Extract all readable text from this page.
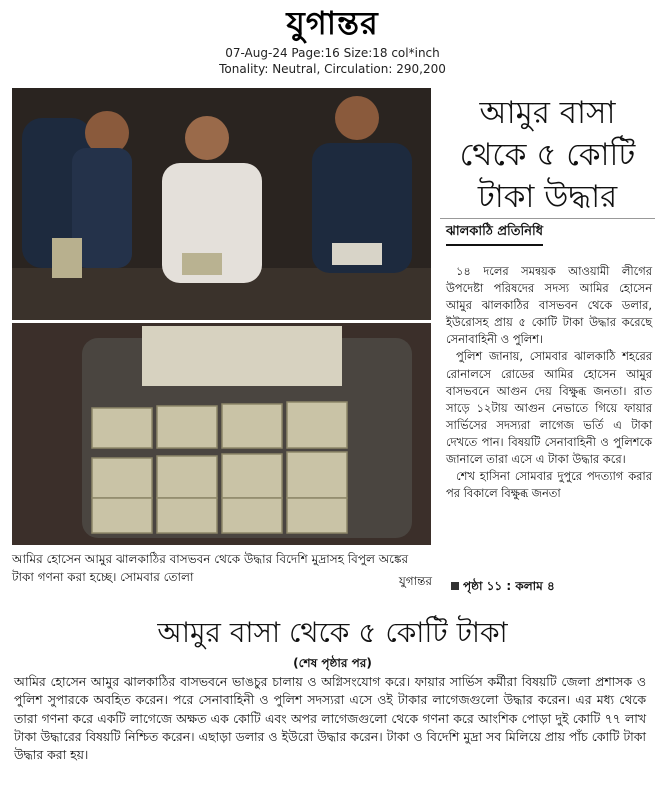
যুগান্তর
07-Aug-24 Page:16 Size:18 col*inch
Tonality: Neutral, Circulation: 290,200
আমির হোসেন আমুর ঝালকাঠির বাসভবন থেকে উদ্ধার বিদেশি মুদ্রাসহ বিপুল অঙ্কের টাকা গণনা করা হচ্ছে। সোমবার তোলা	যুগান্তর
আমুর বাসা
থেকে ৫ কোটি
টাকা উদ্ধার
ঝালকাঠি প্রতিনিধি

১৪ দলের সমন্বয়ক আওয়ামী লীগের উপদেষ্টা পরিষদের সদস্য আমির হোসেন আমুর ঝালকাঠির বাসভবন থেকে ডলার, ইউরোসহ প্রায় ৫ কোটি টাকা উদ্ধার করেছে সেনাবাহিনী ও পুলিশ।

পুলিশ জানায়, সোমবার ঝালকাঠি শহরের রোনালসে রোডের আমির হোসেন আমুর বাসভবনে আগুন দেয় বিক্ষুব্ধ জনতা। রাত সাড়ে ১২টায় আগুন নেভাতে গিয়ে ফায়ার সার্ভিসের সদস্যরা লাগেজ ভর্তি এ টাকা দেখতে পান। বিষয়টি সেনাবাহিনী ও পুলিশকে জানালে তারা এসে এ টাকা উদ্ধার করে।

শেখ হাসিনা সোমবার দুপুরে পদত্যাগ করার পর বিকালে বিক্ষুব্ধ জনতা

পৃষ্ঠা ১১ : কলাম ৪
আমুর বাসা থেকে ৫ কোটি টাকা
(শেষ পৃষ্ঠার পর)
আমির হোসেন আমুর ঝালকাঠির বাসভবনে ভাঙচুর চালায় ও অগ্নিসংযোগ করে। ফায়ার সার্ভিস কর্মীরা বিষয়টি জেলা প্রশাসক ও পুলিশ সুপারকে অবহিত করেন। পরে সেনাবাহিনী ও পুলিশ সদস্যরা এসে ওই টাকার লাগেজগুলো উদ্ধার করেন। এর মধ্য থেকে তারা গণনা করে একটি লাগেজে অক্ষত এক কোটি এবং অপর লাগেজগুলো থেকে গণনা করে আংশিক পোড়া দুই কোটি ৭৭ লাখ টাকা উদ্ধারের বিষয়টি নিশ্চিত করেন। এছাড়া ডলার ও ইউরো উদ্ধার করেন। টাকা ও বিদেশি মুদ্রা সব মিলিয়ে প্রায় পাঁচ কোটি টাকা উদ্ধার করা হয়।
